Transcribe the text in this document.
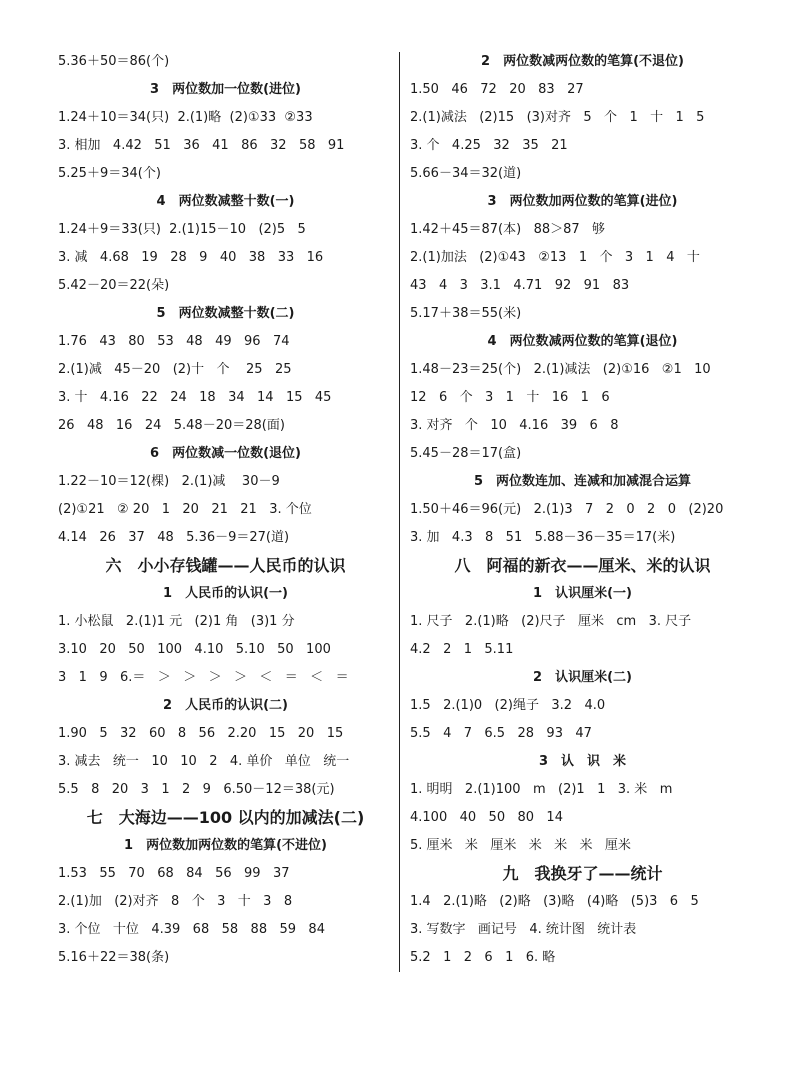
5.36＋50＝86(个)
3　两位数加一位数(进位)
1.24＋10＝34(只)  2.(1)略  (2)①33  ②33
3. 相加   4.42   51   36   41   86   32   58   91
5.25＋9＝34(个)
4　两位数减整十数(一)
1.24＋9＝33(只)  2.(1)15－10   (2)5   5
3. 减   4.68   19   28   9   40   38   33   16
5.42－20＝22(朵)
5　两位数减整十数(二)
1.76   43   80   53   48   49   96   74
2.(1)减   45－20   (2)十   个    25   25
3. 十   4.16   22   24   18   34   14   15   45
26   48   16   24   5.48－20＝28(面)
6　两位数减一位数(退位)
1.22－10＝12(棵)   2.(1)减    30－9
(2)①21   ② 20   1   20   21   21   3. 个位
4.14   26   37   48   5.36－9＝27(道)
六　小小存钱罐——人民币的认识
1　人民币的认识(一)
1. 小松鼠   2.(1)1 元   (2)1 角   (3)1 分
3.10   20   50   100   4.10   5.10   50   100
3   1   9   6.＝   ＞   ＞   ＞   ＞   ＜   ＝   ＜   ＝
2　人民币的认识(二)
1.90   5   32   60   8   56   2.20   15   20   15
3. 减去   统一   10   10   2   4. 单价   单位   统一
5.5   8   20   3   1   2   9   6.50－12＝38(元)
七　大海边——100 以内的加减法(二)
1　两位数加两位数的笔算(不进位)
1.53   55   70   68   84   56   99   37
2.(1)加   (2)对齐   8   个   3   十   3   8
3. 个位   十位   4.39   68   58   88   59   84
5.16＋22＝38(条)
2　两位数减两位数的笔算(不退位)
1.50   46   72   20   83   27
2.(1)减法   (2)15   (3)对齐   5   个   1   十   1   5
3. 个   4.25   32   35   21
5.66－34＝32(道)
3　两位数加两位数的笔算(进位)
1.42＋45＝87(本)   88＞87   够
2.(1)加法   (2)①43   ②13   1   个   3   1   4   十
43   4   3   3.1   4.71   92   91   83
5.17＋38＝55(米)
4　两位数减两位数的笔算(退位)
1.48－23＝25(个)   2.(1)减法   (2)①16   ②1   10
12   6   个   3   1   十   16   1   6
3. 对齐   个   10   4.16   39   6   8
5.45－28＝17(盒)
5　两位数连加、连减和加减混合运算
1.50＋46＝96(元)   2.(1)3   7   2   0   2   0   (2)20
3. 加   4.3   8   51   5.88－36－35＝17(米)
八　阿福的新衣——厘米、米的认识
1　认识厘米(一)
1. 尺子   2.(1)略   (2)尺子   厘米   cm   3. 尺子
4.2   2   1   5.11
2　认识厘米(二)
1.5   2.(1)0   (2)绳子   3.2   4.0
5.5   4   7   6.5   28   93   47
3　认　识　米
1. 明明   2.(1)100   m   (2)1   1   3. 米   m
4.100   40   50   80   14
5. 厘米   米   厘米   米   米   米   厘米
九　我换牙了——统计
1.4   2.(1)略   (2)略   (3)略   (4)略   (5)3   6   5
3. 写数字   画记号   4. 统计图   统计表
5.2   1   2   6   1   6. 略
